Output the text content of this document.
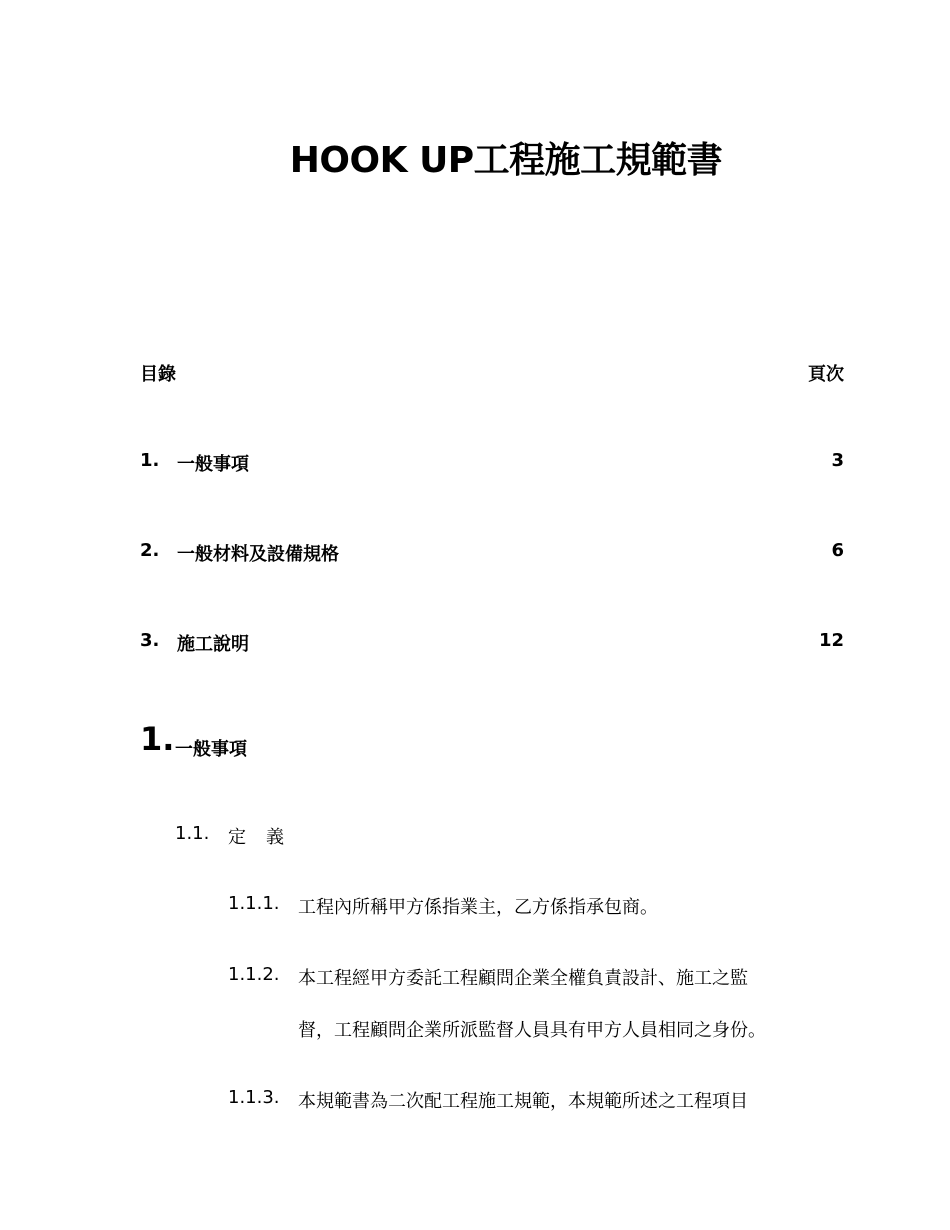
HOOK UP工程施工規範書
目錄	頁次
1. 一般事項	3
2. 一般材料及設備規格	6
3. 施工說明	12
1. 一般事項
1.1. 定義
1.1.1. 工程內所稱甲方係指業主，乙方係指承包商。
1.1.2. 本工程經甲方委託工程顧問企業全權負責設計、施工之監
督，工程顧問企業所派監督人員具有甲方人員相同之身份。
1.1.3. 本規範書為二次配工程施工規範，本規範所述之工程項目
